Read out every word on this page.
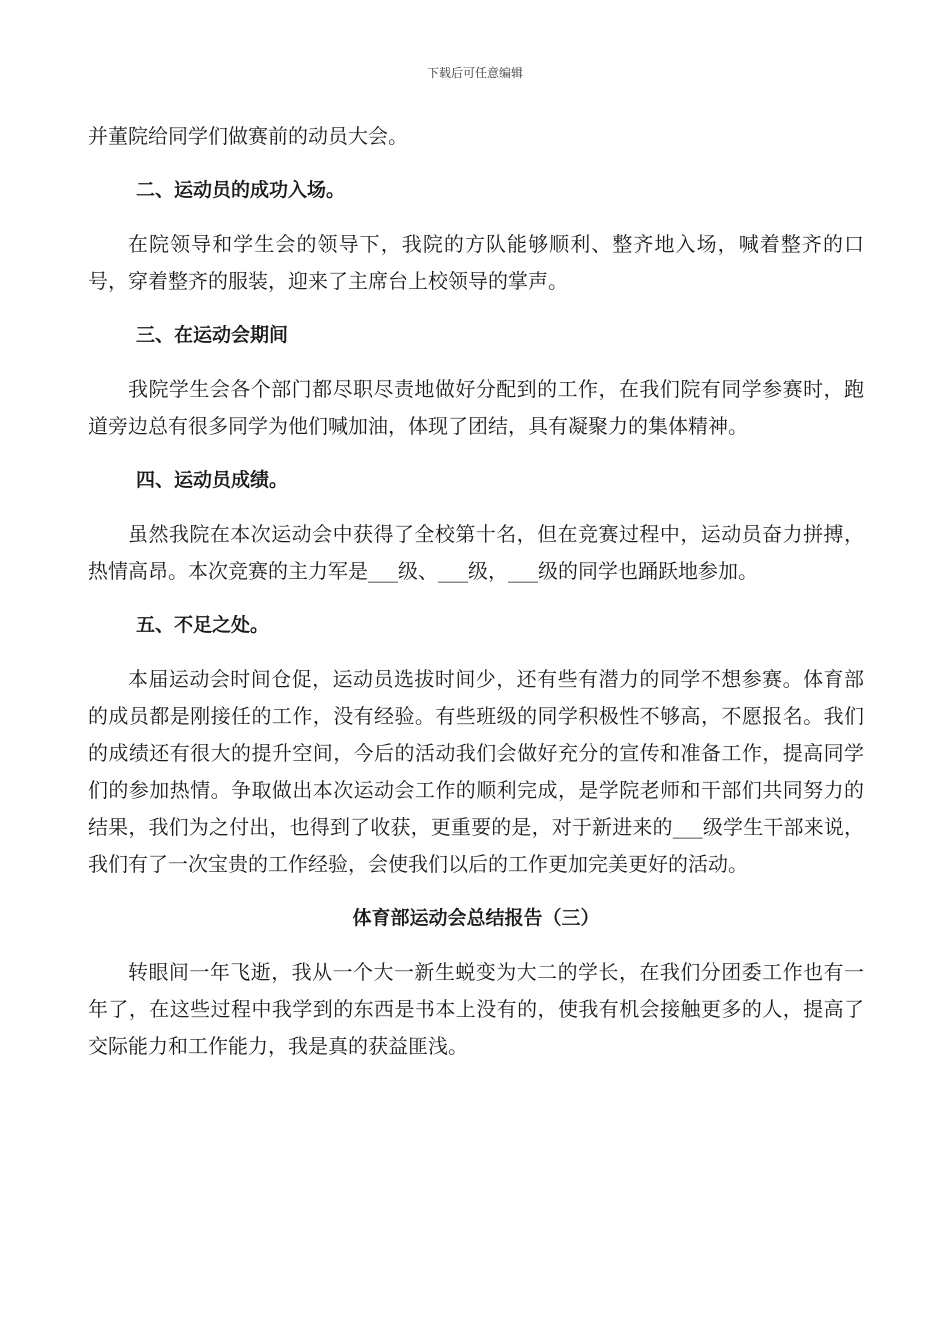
下载后可任意编辑

并董院给同学们做赛前的动员大会。

二、运动员的成功入场。

在院领导和学生会的领导下，我院的方队能够顺利、整齐地入场，喊着整齐的口号，穿着整齐的服装，迎来了主席台上校领导的掌声。

三、在运动会期间

我院学生会各个部门都尽职尽责地做好分配到的工作，在我们院有同学参赛时，跑道旁边总有很多同学为他们喊加油，体现了团结，具有凝聚力的集体精神。

四、运动员成绩。

虽然我院在本次运动会中获得了全校第十名，但在竞赛过程中，运动员奋力拼搏，热情高昂。本次竞赛的主力军是___级、___级，___级的同学也踊跃地参加。

五、不足之处。

本届运动会时间仓促，运动员选拔时间少，还有些有潜力的同学不想参赛。体育部的成员都是刚接任的工作，没有经验。有些班级的同学积极性不够高，不愿报名。我们的成绩还有很大的提升空间，今后的活动我们会做好充分的宣传和准备工作，提高同学们的参加热情。争取做出本次运动会工作的顺利完成，是学院老师和干部们共同努力的结果，我们为之付出，也得到了收获，更重要的是，对于新进来的___级学生干部来说，我们有了一次宝贵的工作经验，会使我们以后的工作更加完美更好的活动。

体育部运动会总结报告（三）

转眼间一年飞逝，我从一个大一新生蜕变为大二的学长，在我们分团委工作也有一年了，在这些过程中我学到的东西是书本上没有的，使我有机会接触更多的人，提高了交际能力和工作能力，我是真的获益匪浅。
